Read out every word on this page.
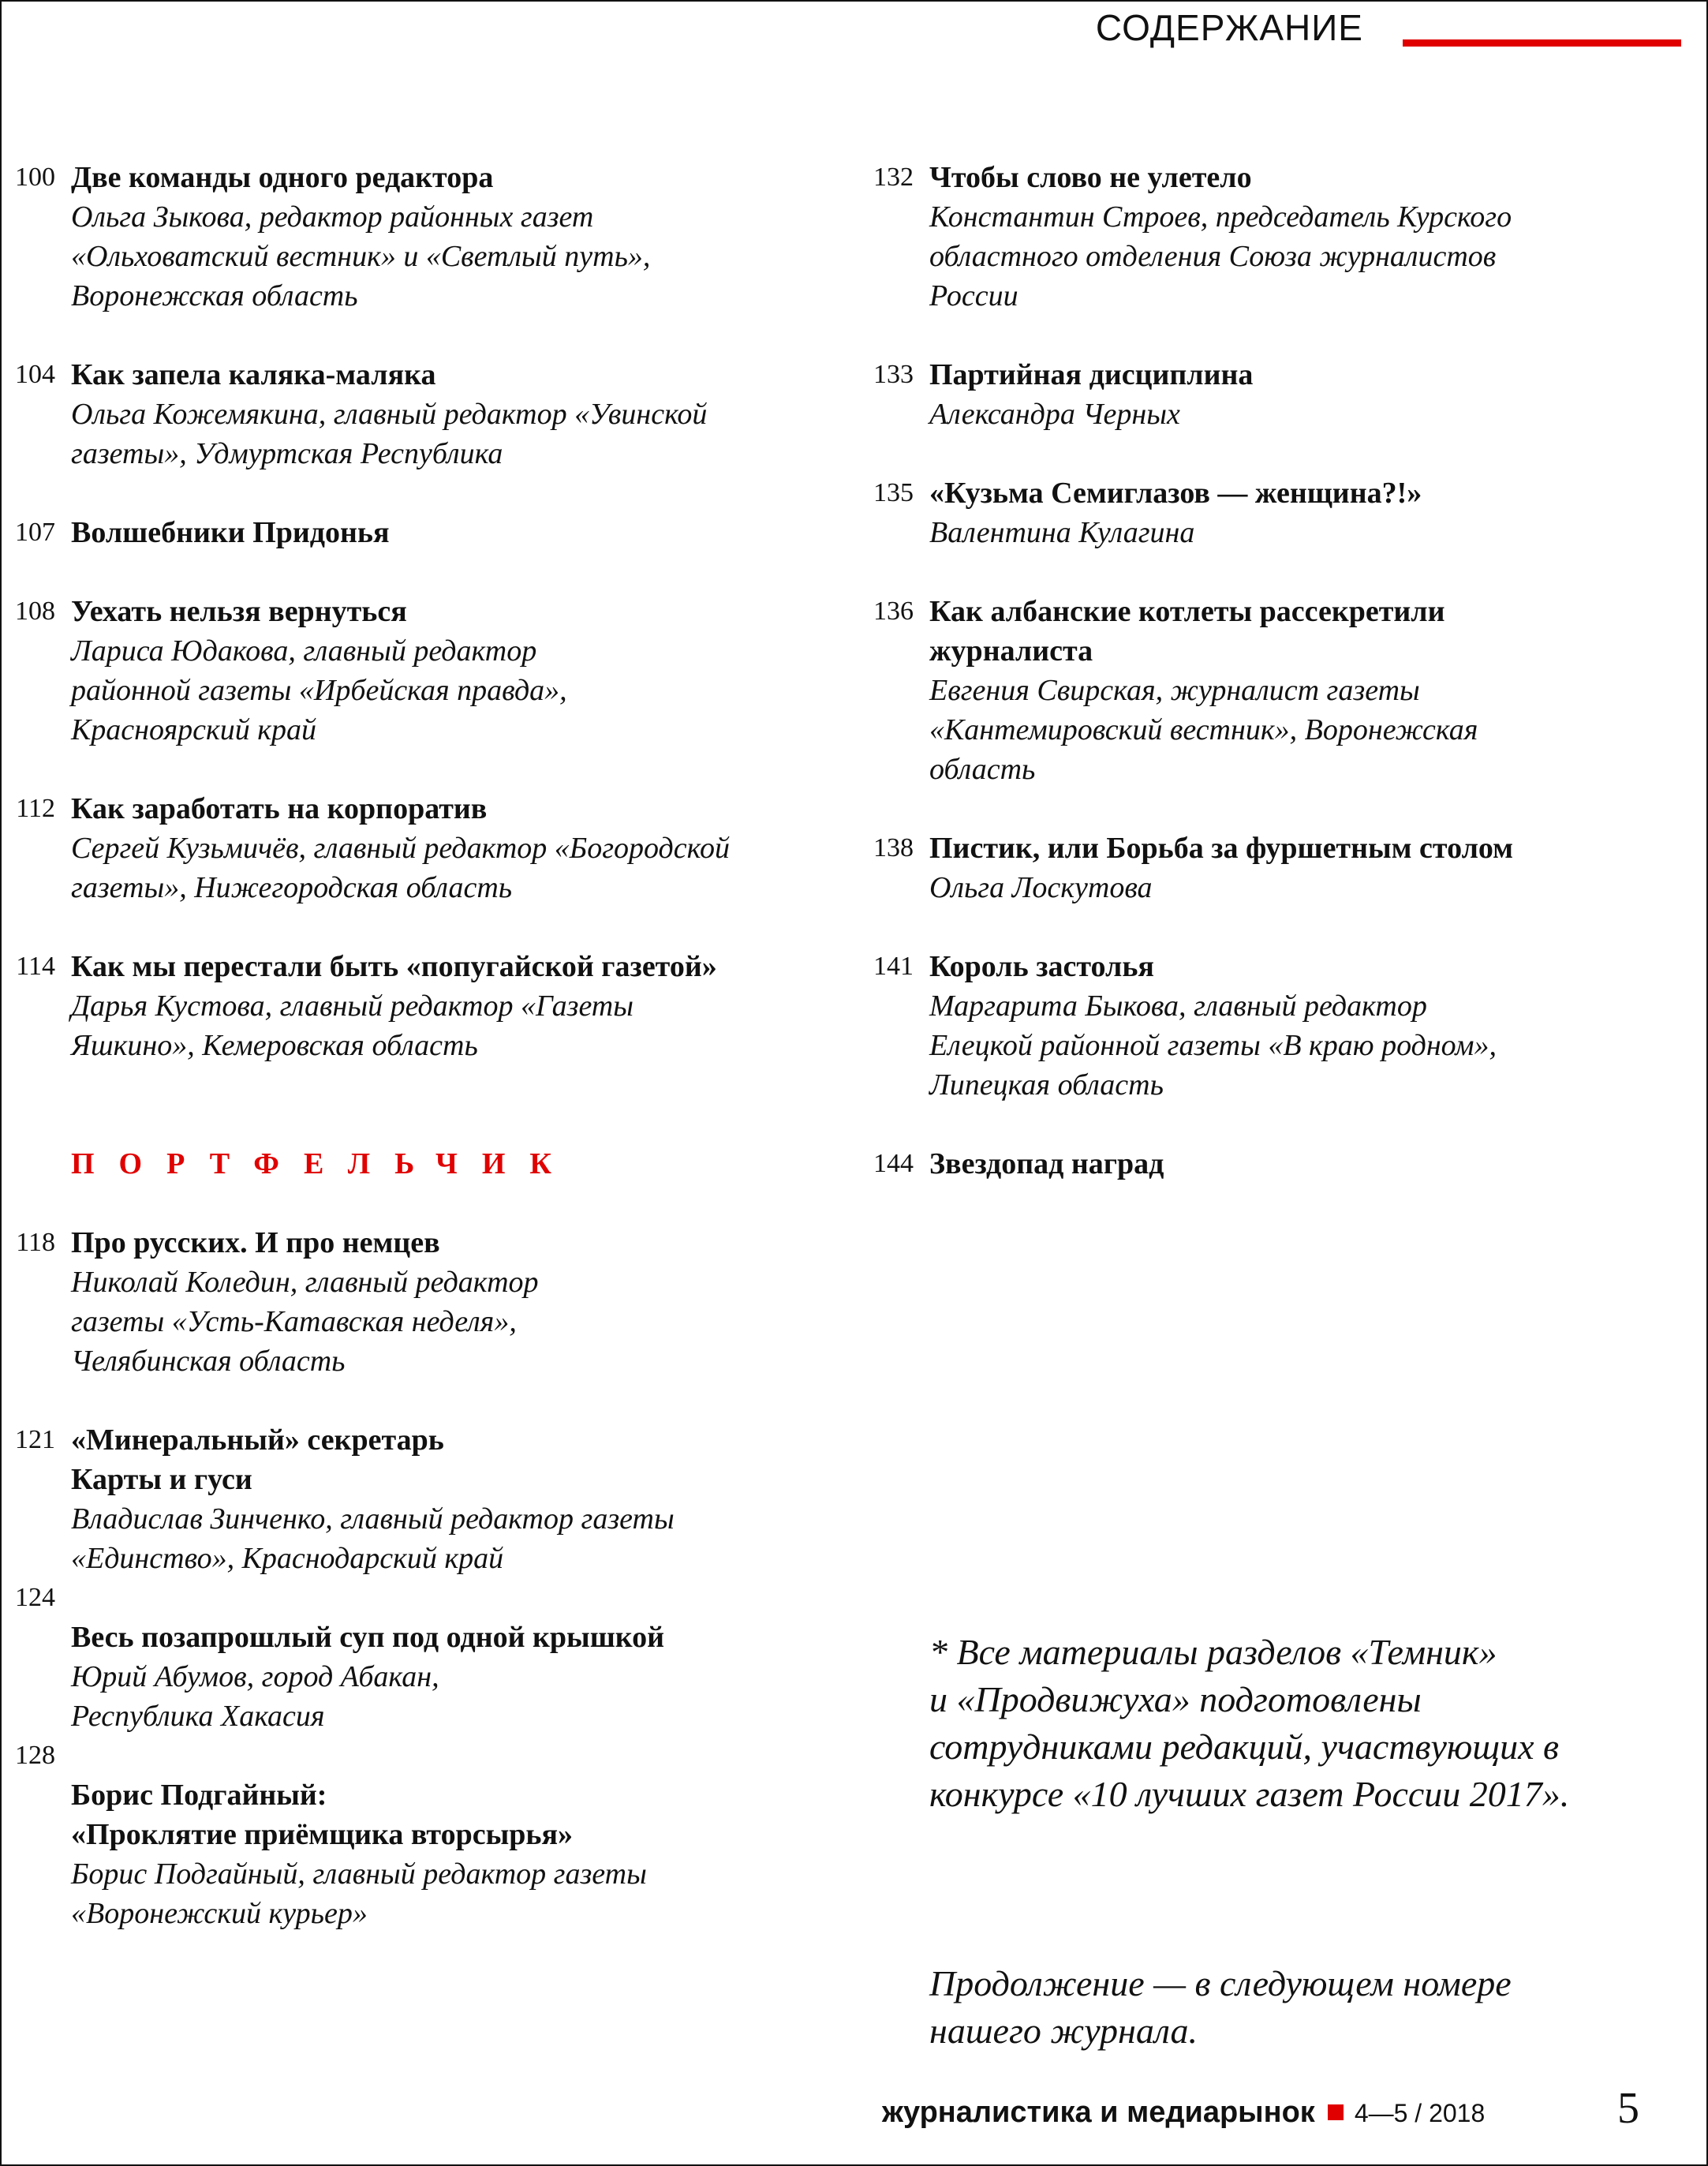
СОДЕРЖАНИЕ
100 Две команды одного редактора
Ольга Зыкова, редактор районных газет
«Ольховатский вестник» и «Светлый путь»,
Воронежская область
104 Как запела каляка-маляка
Ольга Кожемякина, главный редактор «Увинской
газеты», Удмуртская Республика
107 Волшебники Придонья
108 Уехать нельзя вернуться
Лариса Юдакова, главный редактор
районной газеты «Ирбейская правда»,
Красноярский край
112 Как заработать на корпоратив
Сергей Кузьмичёв, главный редактор «Богородской
газеты», Нижегородская область
114 Как мы перестали быть «попугайской газетой»
Дарья Кустова, главный редактор «Газеты
Яшкино», Кемеровская область
ПОРТФЕЛЬЧИК
118 Про русских. И про немцев
Николай Коледин, главный редактор
газеты «Усть-Катавская неделя»,
Челябинская область
121 «Минеральный» секретарь
Карты и гуси
Владислав Зинченко, главный редактор газеты
«Единство», Краснодарский край
124
Весь позапрошлый суп под одной крышкой
Юрий Абумов, город Абакан,
Республика Хакасия
128
Борис Подгайный:
«Проклятие приёмщика вторсырья»
Борис Подгайный, главный редактор газеты
«Воронежский курьер»
132 Чтобы слово не улетело
Константин Строев, председатель Курского
областного отделения Союза журналистов
России
133 Партийная дисциплина
Александра Черных
135 «Кузьма Семиглазов — женщина?!»
Валентина Кулагина
136 Как албанские котлеты рассекретили
журналиста
Евгения Свирская, журналист газеты
«Кантемировский вестник», Воронежская
область
138 Пистик, или Борьба за фуршетным столом
Ольга Лоскутова
141 Король застолья
Маргарита Быкова, главный редактор
Елецкой районной газеты «В краю родном»,
Липецкая область
144 Звездопад наград

* Все материалы разделов «Темник»
и «Продвижуха» подготовлены
сотрудниками редакций, участвующих в
конкурсе «10 лучших газет России 2017».

Продолжение — в следующем номере
нашего журнала.

журналистика и медиарынок 4—5 / 2018	5
